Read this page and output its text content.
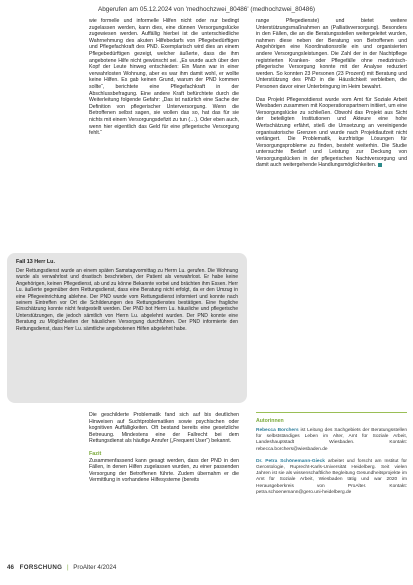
Abgerufen am 05.12.2024 von 'medhochzwei_80486' (medhochzwei_80486)

wie formelle und informelle Hilfen nicht oder nur bedingt zugelassen werden, kann dies, eine dünnen Versorgungslücke zugewiesen werden. Auffällig hierbei ist die unterschiedliche Wahrnehmung des akuten Hilfebedarfs von Pflegebedürftigen und Pflegefachkraft des PND. Exemplarisch wird dies an einem Pflegebedürftigen gezeigt, welcher äußerte, dass die ihm angebotene Hilfe nicht gewünscht sei. „Es wurde auch über den Kopf der Leute hinweg entschieden: Ein Mann war in einer verwahrlosten Wohnung, aber es war ihm damit wohl, er wollte keine Hilfen. Es gab keinen Grund, warum der PND kommen sollte“, berichtete eine Pflegefachkraft in der Abschlussbefragung. Eine andere Kraft befürchtete durch die Weiterleitung folgende Gefahr: „Das ist natürlich eine Sache der Definition von pflegerischer Unterversorgung. Wenn die Betroffenen selbst sagen, sie wollen das so, hat das für sie nichts mit einem Versorgungsdefizit zu tun (…). Oder eben auch, wenn hier eigentlich das Geld für eine pflegerische Versorgung fehlt.“

range Pflegedienste) und bietet weitere Unterstützungsmaßnahmen an (Palliativversorgung). Besonders in den Fällen, die an die Beratungsstellen weitergeleitet wurden, nahmen diese neben der Beratung von Betroffenen und Angehörigen eine Koordinationsrolle ein und organisierten andere Versorgungsleistungen. Die Zahl der in der Nachtpflege registrierten Kranken- oder Pflegefälle ohne medizinisch-pflegerische Versorgung konnte mit der Analyse reduziert werden. So konnten 23 Personen (23 Prozent) mit Beratung und Unterstützung des PND in die Häuslichkeit verbleiben, die Personen davor einer Unterbringung im Heim bewahrt.

Das Projekt Pflegenotdienst wurde vom Amt für Soziale Arbeit Wiesbaden zusammen mit Kooperationspartnern initiiert, um eine Versorgungslücke zu schließen. Obwohl das Projekt aus Sicht der beteiligten Institutionen und Akteure eine hohe Wertschätzung erfährt, stieß die Umsetzung an vereinigende organisatorische Grenzen und wurde nach Projektlaufzeit nicht verlängert. Die Problematik, kurzfristige Lösungen für Versorgungsprobleme zu finden, besteht weiterhin. Die Studie untersuchte Bedarf und Leistung zur Deckung von Versorgungslücken in der pflegerischen Nachtversorgung und damit auch weitergehende Handlungsmöglichkeiten.

Fall 13 Herr Lu.
Der Rettungsdienst wurde an einem späten Samstagvormittag zu Herrn Lu. gerufen. Die Wohnung wurde als verwahrlost und drastisch beschrieben, der Patient als verwahrlost. Er habe keine Angehörigen, keinen Pflegedienst, ab und zu könne Bekannte vorbei und brächten ihm Essen. Herr Lu. äußerte gegenüber dem Rettungsdienst, dass eine Beratung nicht erfolgt, da er den Umzug in eine Pflegeeinrichtung ablehne. Der PND wurde vom Rettungsdienst informiert und konnte nach seinem Eintreffen vor Ort die Schilderungen des Rettungsdienstes bestätigen. Eine fragliche Einschätzung konnte nicht festgestellt werden. Der PND bot Herrn Lu. häusliche und pflegerische Unterstützungen, die jedoch sämtlich von Herrn Lu. abgelehnt wurden. Der PND konnte eine Beratung zu Möglichkeiten der häuslichen Versorgung durchführen. Der PND informierte den Rettungsdienst, dass Herr Lu. sämtliche angebotenen Hilfen abgelehnt habe.

Die geschilderte Problematik fand sich auf bis deutlichen Hinweisen auf Suchtproblematiken sowie psychischen oder kognitiven Auffälligkeiten. Oft bestand bereits eine gesetzliche Betreuung. Mindestens eine der Fallrecht bei dem Rettungsdienst als häufige Anrufer („Frequent User“) bekannt.

Fazit

Zusammenfassend kann gesagt werden, dass der PND in den Fällen, in denen Hilfen zugelassen wurden, zu einer passenden Versorgung der Betroffenen führte. Zudem übernahm er die Vermittlung in vorhandene Hilfesysteme (bereits

Autorinnen
Rebecca Borchers ist Leitung des Sachgebiets der Beratungsstellen für selbstständiges Leben im Alter, Amt für Soziale Arbeit, Landeshauptstadt Wiesbaden. Kontakt: rebecca.borchers@wiesbaden.de
Dr. Petra Schönemann-Gieck arbeitet und forscht am Institut für Gerontologie, Ruprecht-Karls-Universität Heidelberg. Seit vielen Jahren ist sie als wissenschaftliche Begleitung Gesundheitsprojekte im Amt für Soziale Arbeit, Wiesbaden tätig und war 2020 im Herausgeberkreis von ProAlter. Kontakt: petra.schoenemann@gero.uni-heidelberg.de
46 FORSCHUNG | ProAlter 4/2024
